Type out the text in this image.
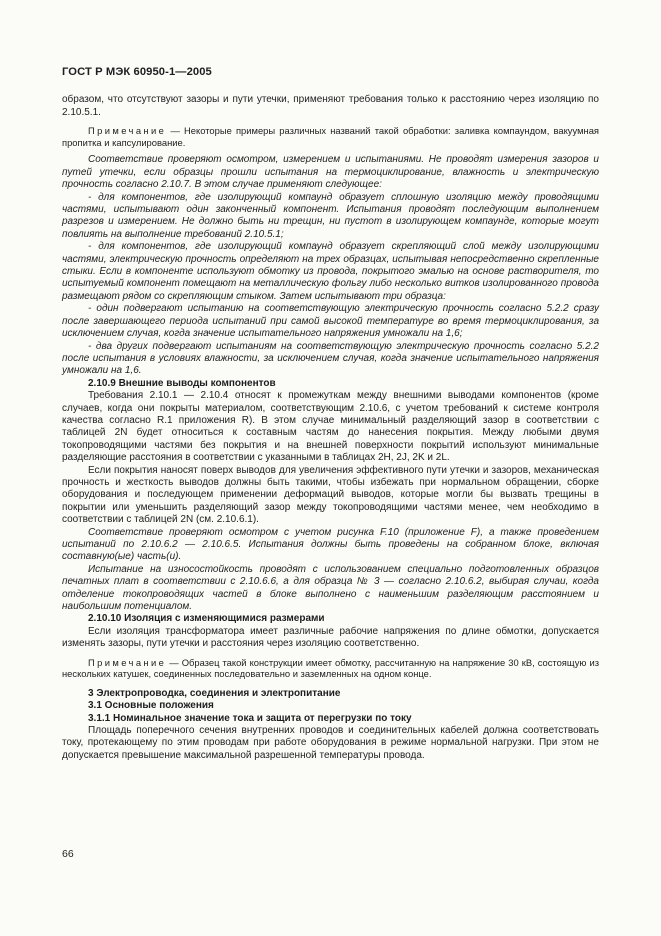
ГОСТ Р МЭК 60950-1—2005

образом, что отсутствуют зазоры и пути утечки, применяют требования только к расстоянию через изоляцию по 2.10.5.1.

Примечание — Некоторые примеры различных названий такой обработки: заливка компаундом, вакуумная пропитка и капсулирование.

Соответствие проверяют осмотром, измерением и испытаниями. Не проводят измерения зазоров и путей утечки, если образцы прошли испытания на термоциклирование, влажность и электрическую прочность согласно 2.10.7. В этом случае применяют следующее:

- для компонентов, где изолирующий компаунд образует сплошную изоляцию между проводящими частями, испытывают один законченный компонент. Испытания проводят последующим выполнением разрезов и измерением. Не должно быть ни трещин, ни пустот в изолирующем компаунде, которые могут повлиять на выполнение требований 2.10.5.1;

- для компонентов, где изолирующий компаунд образует скрепляющий слой между изолирующими частями, электрическую прочность определяют на трех образцах, испытывая непосредственно скрепленные стыки. Если в компоненте используют обмотку из провода, покрытого эмалью на основе растворителя, то испытуемый компонент помещают на металлическую фольгу либо несколько витков изолированного провода размещают рядом со скрепляющим стыком. Затем испытывают три образца:

- один подвергают испытанию на соответствующую электрическую прочность согласно 5.2.2 сразу после завершающего периода испытаний при самой высокой температуре во время термоциклирования, за исключением случая, когда значение испытательного напряжения умножали на 1,6;

- два других подвергают испытаниям на соответствующую электрическую прочность согласно 5.2.2 после испытания в условиях влажности, за исключением случая, когда значение испытательного напряжения умножали на 1,6.

2.10.9 Внешние выводы компонентов

Требования 2.10.1 — 2.10.4 относят к промежуткам между внешними выводами компонентов (кроме случаев, когда они покрыты материалом, соответствующим 2.10.6, с учетом требований к системе контроля качества согласно R.1 приложения R). В этом случае минимальный разделяющий зазор в соответствии с таблицей 2N будет относиться к составным частям до нанесения покрытия. Между любыми двумя токопроводящими частями без покрытия и на внешней поверхности покрытий используют минимальные разделяющие расстояния в соответствии с указанными в таблицах 2H, 2J, 2K и 2L.

Если покрытия наносят поверх выводов для увеличения эффективного пути утечки и зазоров, механическая прочность и жесткость выводов должны быть такими, чтобы избежать при нормальном обращении, сборке оборудования и последующем применении деформаций выводов, которые могли бы вызвать трещины в покрытии или уменьшить разделяющий зазор между токопроводящими частями менее, чем необходимо в соответствии с таблицей 2N (см. 2.10.6.1).

Соответствие проверяют осмотром с учетом рисунка F.10 (приложение F), а также проведением испытаний по 2.10.6.2 — 2.10.6.5. Испытания должны быть проведены на собранном блоке, включая составную(ые) часть(и).

Испытание на износостойкость проводят с использованием специально подготовленных образцов печатных плат в соответствии с 2.10.6.6, а для образца № 3 — согласно 2.10.6.2, выбирая случаи, когда отделение токопроводящих частей в блоке выполнено с наименьшим разделяющим расстоянием и наибольшим потенциалом.

2.10.10 Изоляция с изменяющимися размерами

Если изоляция трансформатора имеет различные рабочие напряжения по длине обмотки, допускается изменять зазоры, пути утечки и расстояния через изоляцию соответственно.

Примечание — Образец такой конструкции имеет обмотку, рассчитанную на напряжение 30 кВ, состоящую из нескольких катушек, соединенных последовательно и заземленных на одном конце.

3 Электропроводка, соединения и электропитание

3.1 Основные положения

3.1.1 Номинальное значение тока и защита от перегрузки по току

Площадь поперечного сечения внутренних проводов и соединительных кабелей должна соответствовать току, протекающему по этим проводам при работе оборудования в режиме нормальной нагрузки. При этом не допускается превышение максимальной разрешенной температуры провода.

66
